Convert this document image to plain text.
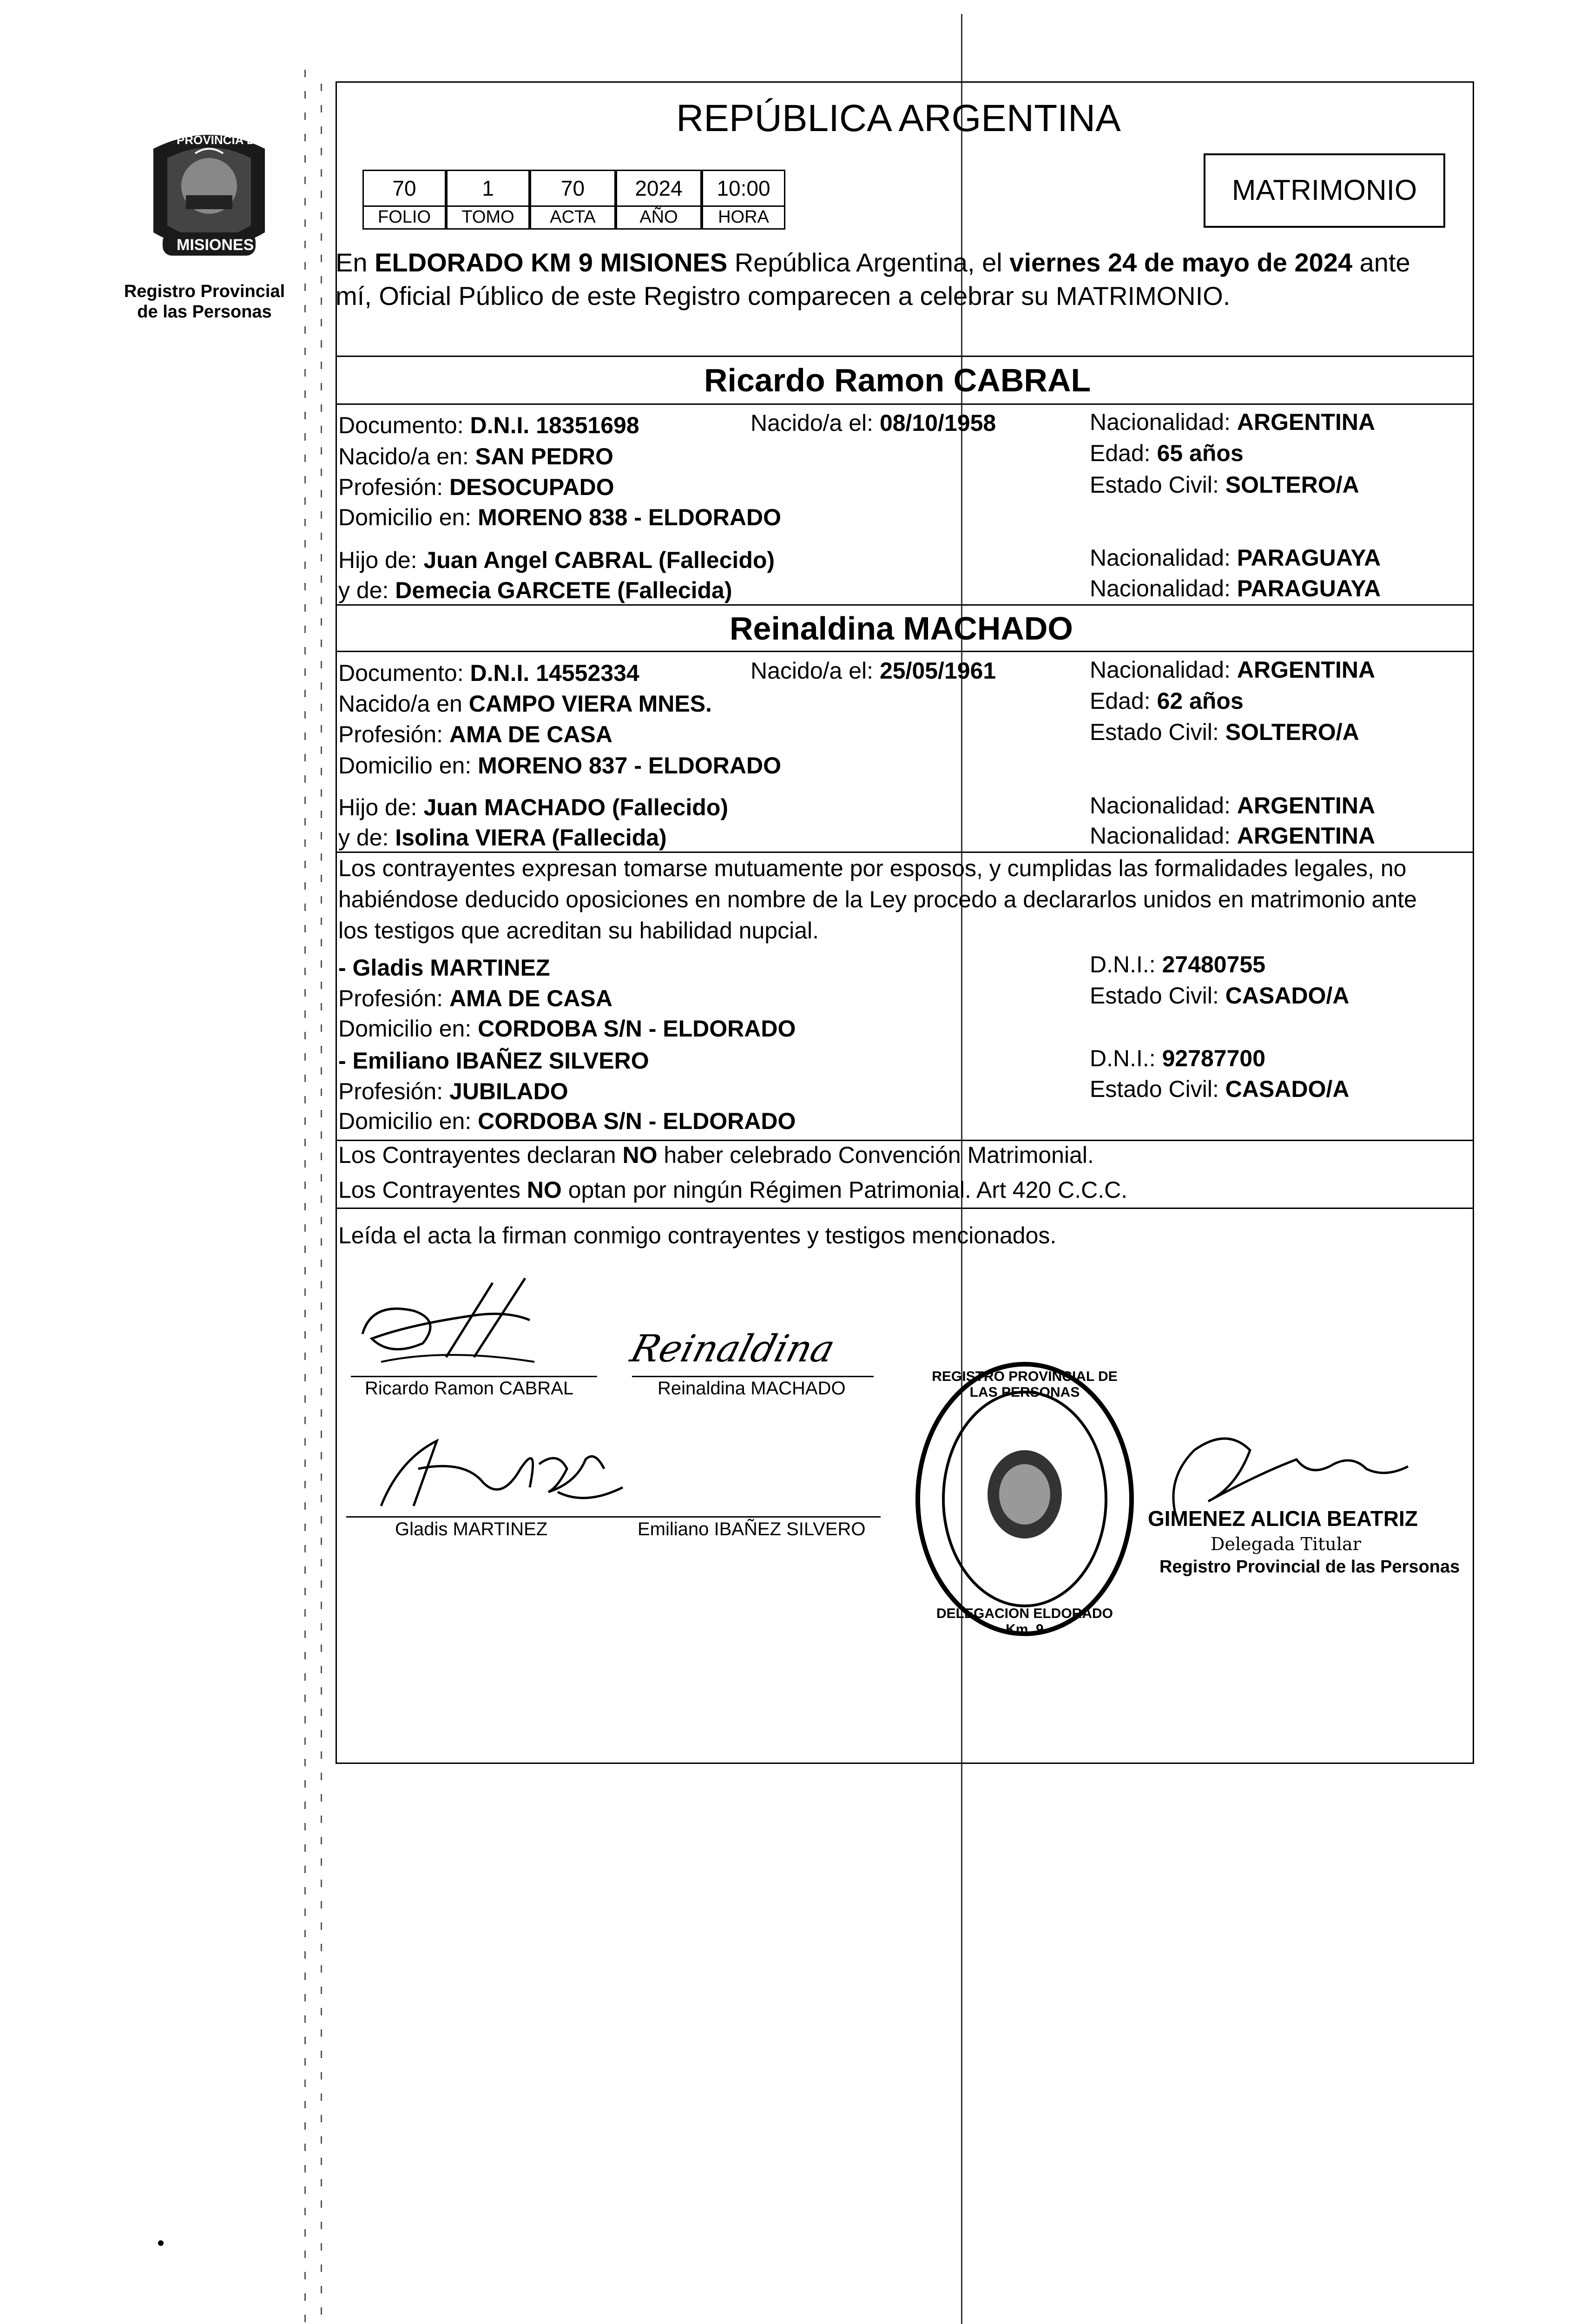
PROVINCIA DE
MISIONES
Registro Provincial
de las Personas
REPÚBLICA ARGENTINA
MATRIMONIO
70
FOLIO
1
TOMO
70
ACTA
2024
AÑO
10:00
HORA
En ELDORADO KM 9 MISIONES República Argentina, el viernes 24 de mayo de 2024 ante
mí, Oficial Público de este Registro comparecen a celebrar su MATRIMONIO.
Ricardo Ramon CABRAL
Documento: D.N.I. 18351698	Nacido/a el: 08/10/1958	Nacionalidad: ARGENTINA
Nacido/a en: SAN PEDRO	Edad: 65 años
Profesión: DESOCUPADO	Estado Civil: SOLTERO/A
Domicilio en: MORENO 838 - ELDORADO
Hijo de: Juan Angel CABRAL (Fallecido)	Nacionalidad: PARAGUAYA
y de: Demecia GARCETE (Fallecida)	Nacionalidad: PARAGUAYA
Reinaldina MACHADO
Documento: D.N.I. 14552334	Nacido/a el: 25/05/1961	Nacionalidad: ARGENTINA
Nacido/a en CAMPO VIERA MNES.	Edad: 62 años
Profesión: AMA DE CASA	Estado Civil: SOLTERO/A
Domicilio en: MORENO 837 - ELDORADO
Hijo de: Juan MACHADO (Fallecido)	Nacionalidad: ARGENTINA
y de: Isolina VIERA (Fallecida)	Nacionalidad: ARGENTINA
Los contrayentes expresan tomarse mutuamente por esposos, y cumplidas las formalidades legales, no
habiéndose deducido oposiciones en nombre de la Ley procedo a declararlos unidos en matrimonio ante
los testigos que acreditan su habilidad nupcial.
- Gladis MARTINEZ	D.N.I.: 27480755
Profesión: AMA DE CASA	Estado Civil: CASADO/A
Domicilio en: CORDOBA S/N - ELDORADO
- Emiliano IBAÑEZ SILVERO	D.N.I.: 92787700
Profesión: JUBILADO	Estado Civil: CASADO/A
Domicilio en: CORDOBA S/N - ELDORADO
Los Contrayentes declaran NO haber celebrado Convención Matrimonial.
Los Contrayentes NO optan por ningún Régimen Patrimonial. Art 420 C.C.C.
Leída el acta la firman conmigo contrayentes y testigos mencionados.
Ricardo Ramon CABRAL
Reinaldina
Reinaldina MACHADO
Gladis MARTINEZ	Emiliano IBAÑEZ SILVERO
REGISTRO PROVINCIAL DE LAS PERSONAS
DELEGACION ELDORADO Km. 9
GIMENEZ ALICIA BEATRIZ
Delegada Titular
Registro Provincial de las Personas
